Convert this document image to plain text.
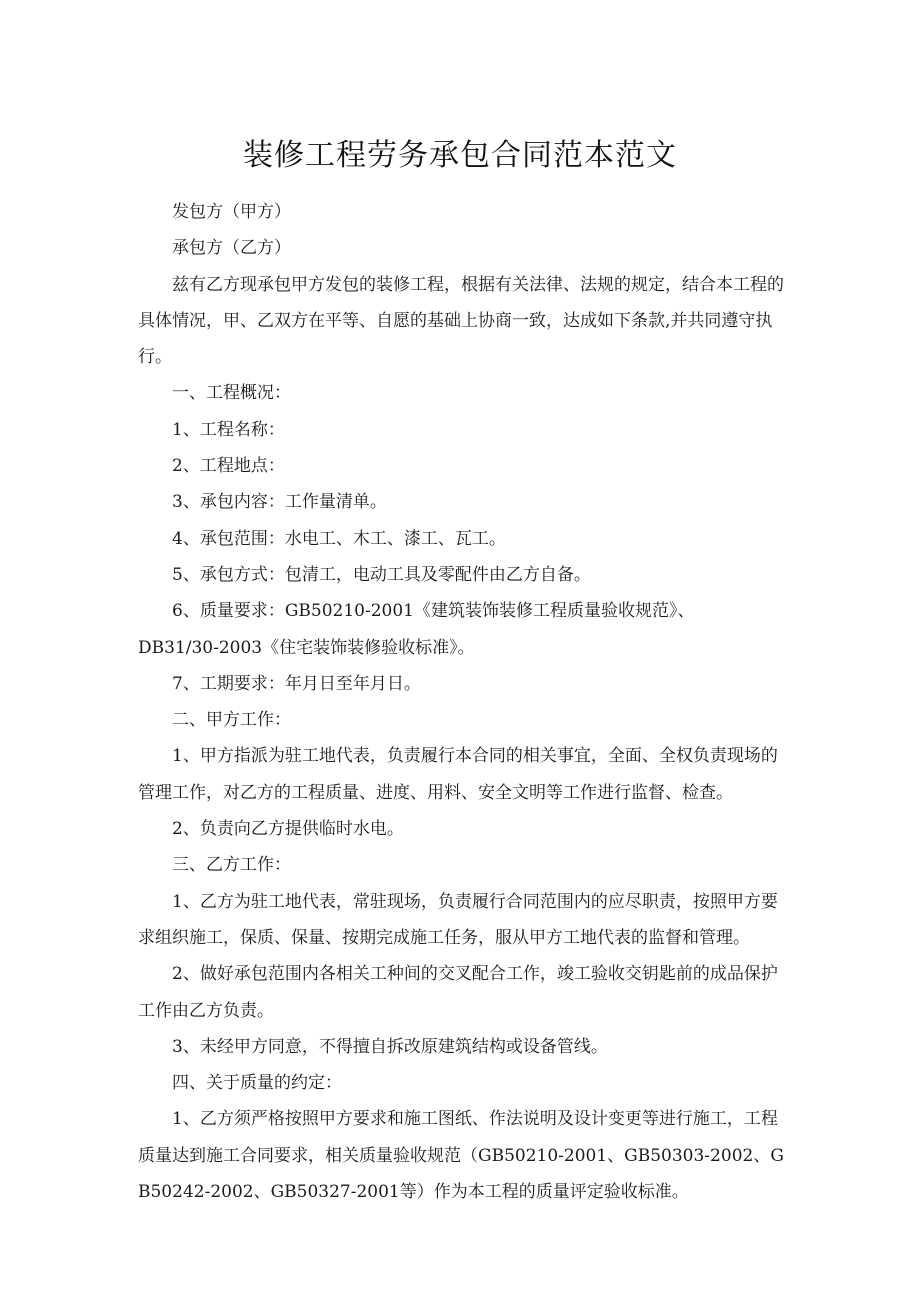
装修工程劳务承包合同范本范文

发包方（甲方）

承包方（乙方）

兹有乙方现承包甲方发包的装修工程，根据有关法律、法规的规定，结合本工程的具体情况，甲、乙双方在平等、自愿的基础上协商一致，达成如下条款,并共同遵守执行。

一、工程概况：

1、工程名称：

2、工程地点：

3、承包内容：工作量清单。

4、承包范围：水电工、木工、漆工、瓦工。

5、承包方式：包清工，电动工具及零配件由乙方自备。

6、质量要求：GB50210-2001《建筑装饰装修工程质量验收规范》、

DB31/30-2003《住宅装饰装修验收标准》。

7、工期要求：年月日至年月日。

二、甲方工作：

1、甲方指派为驻工地代表，负责履行本合同的相关事宜，全面、全权负责现场的管理工作，对乙方的工程质量、进度、用料、安全文明等工作进行监督、检查。

2、负责向乙方提供临时水电。

三、乙方工作：

1、乙方为驻工地代表，常驻现场，负责履行合同范围内的应尽职责，按照甲方要求组织施工，保质、保量、按期完成施工任务，服从甲方工地代表的监督和管理。

2、做好承包范围内各相关工种间的交叉配合工作，竣工验收交钥匙前的成品保护工作由乙方负责。

3、未经甲方同意，不得擅自拆改原建筑结构或设备管线。

四、关于质量的约定：

1、乙方须严格按照甲方要求和施工图纸、作法说明及设计变更等进行施工，工程质量达到施工合同要求，相关质量验收规范（GB50210-2001、GB50303-2002、GB50242-2002、GB50327-2001等）作为本工程的质量评定验收标准。
